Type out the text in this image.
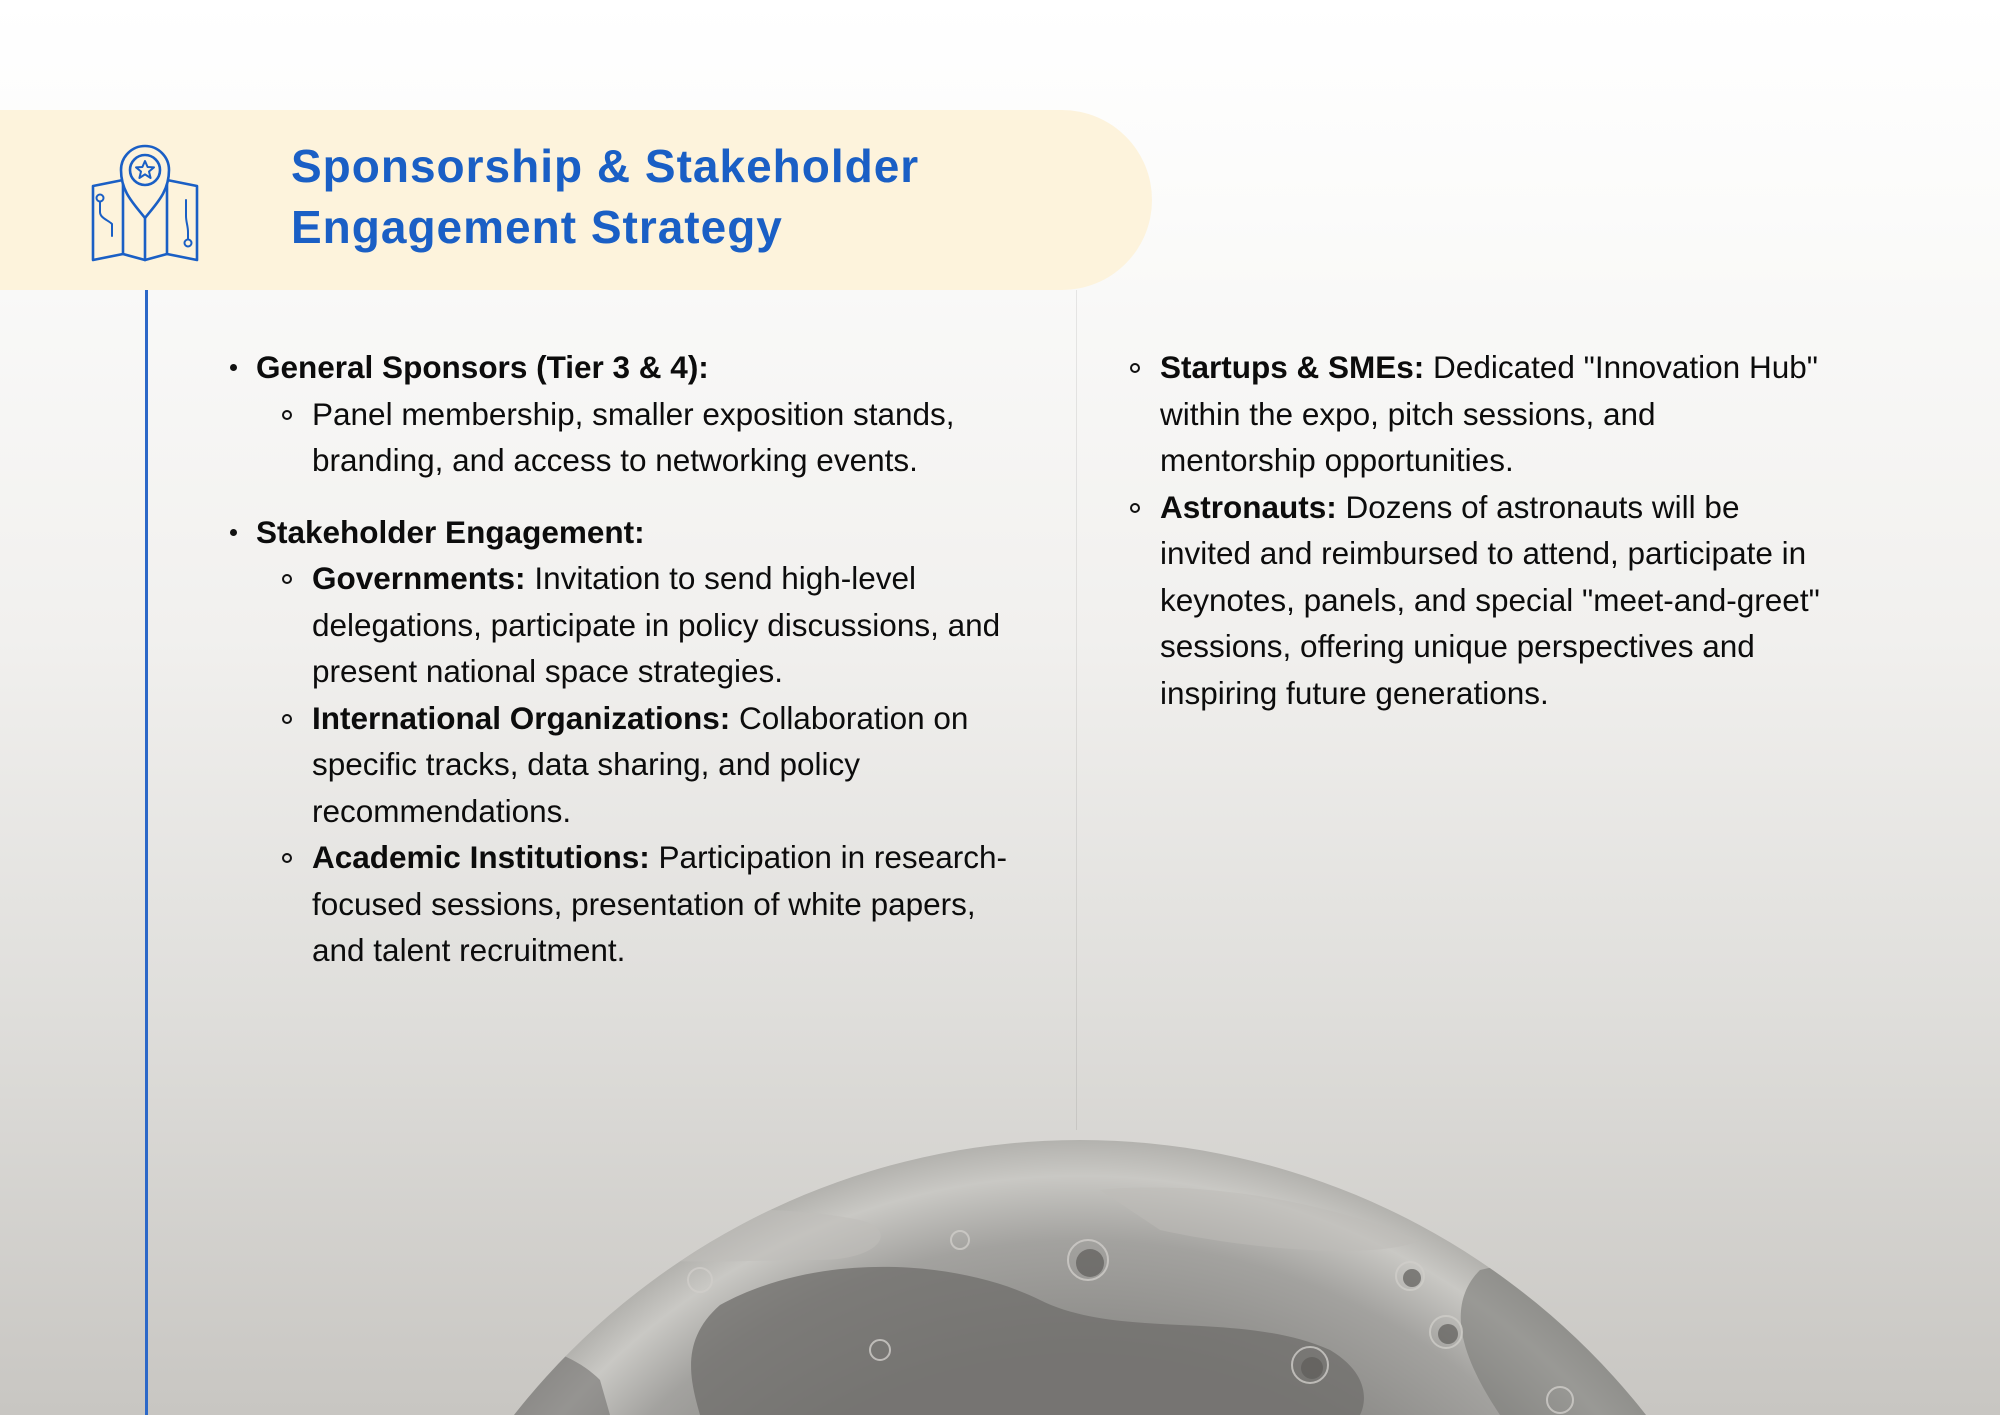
Sponsorship & Stakeholder
Engagement Strategy
General Sponsors (Tier 3 & 4):
Panel membership, smaller exposition stands, branding, and access to networking events.
Stakeholder Engagement:
Governments: Invitation to send high-level delegations, participate in policy discussions, and present national space strategies.
International Organizations: Collaboration on specific tracks, data sharing, and policy recommendations.
Academic Institutions: Participation in research-focused sessions, presentation of white papers, and talent recruitment.
Startups & SMEs: Dedicated "Innovation Hub" within the expo, pitch sessions, and mentorship opportunities.
Astronauts: Dozens of astronauts will be invited and reimbursed to attend, participate in keynotes, panels, and special "meet-and-greet" sessions, offering unique perspectives and inspiring future generations.
